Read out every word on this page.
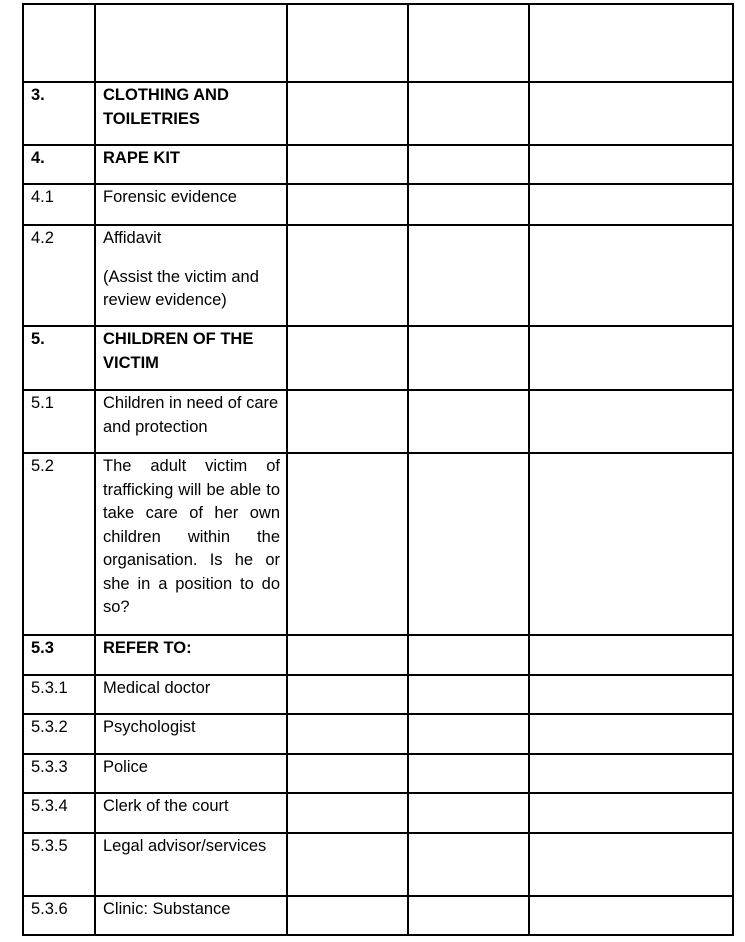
3.	CLOTHING AND TOILETRIES			

4.	RAPE KIT			

4.1	Forensic evidence			

4.2	Affidavit
(Assist the victim and review evidence)			

5.	CHILDREN OF THE VICTIM			

5.1	Children in need of care and protection			

5.2	The adult victim of trafficking will be able to take care of her own children within the organisation. Is he or she in a position to do so?			

5.3	REFER TO:			

5.3.1	Medical doctor			

5.3.2	Psychologist			

5.3.3	Police			

5.3.4	Clerk of the court			

5.3.5	Legal advisor/services			

5.3.6	Clinic: Substance			
